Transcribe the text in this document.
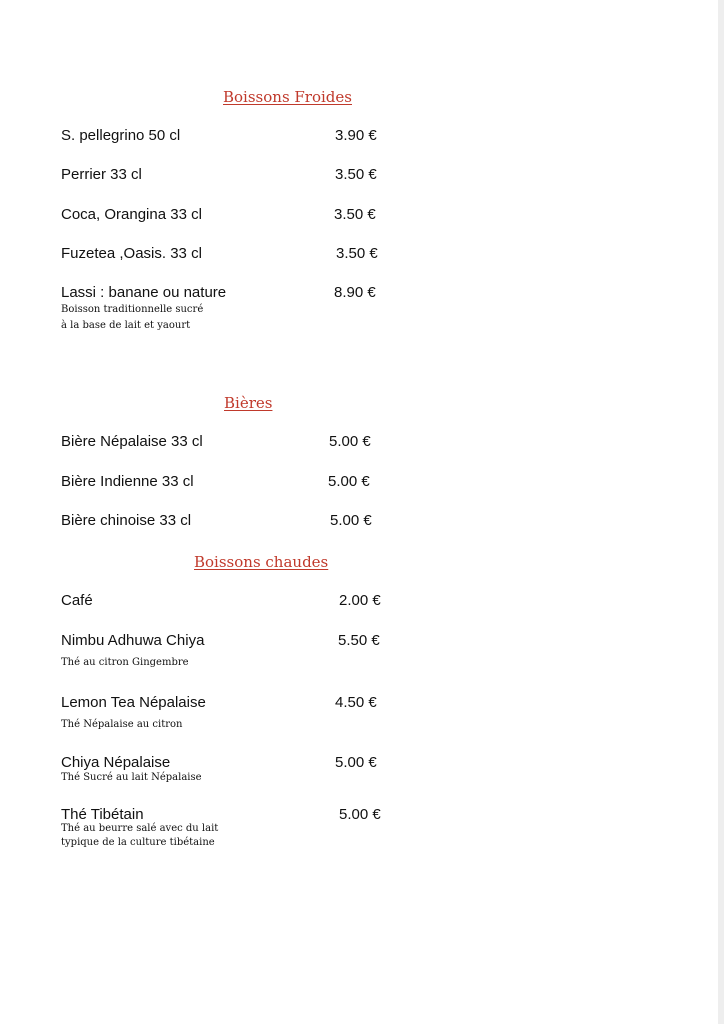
Boissons Froides
S. pellegrino 50 cl	3.90 €
Perrier 33 cl	3.50 €
Coca, Orangina 33 cl	3.50 €
Fuzetea ,Oasis. 33 cl	3.50 €
Lassi : banane ou nature	8.90 €
Boisson traditionnelle sucré
à la base de lait et yaourt
Bières
Bière Népalaise 33 cl	5.00 €
Bière Indienne 33 cl	5.00 €
Bière chinoise 33 cl	5.00 €
Boissons chaudes
Café	2.00 €
Nimbu Adhuwa Chiya	5.50 €
Thé au citron Gingembre
Lemon Tea Népalaise	4.50 €
Thé Népalaise au citron
Chiya Népalaise	5.00 €
Thé Sucré au lait Népalaise
Thé Tibétain	5.00 €
Thé au beurre salé avec du lait
typique de la culture tibétaine
